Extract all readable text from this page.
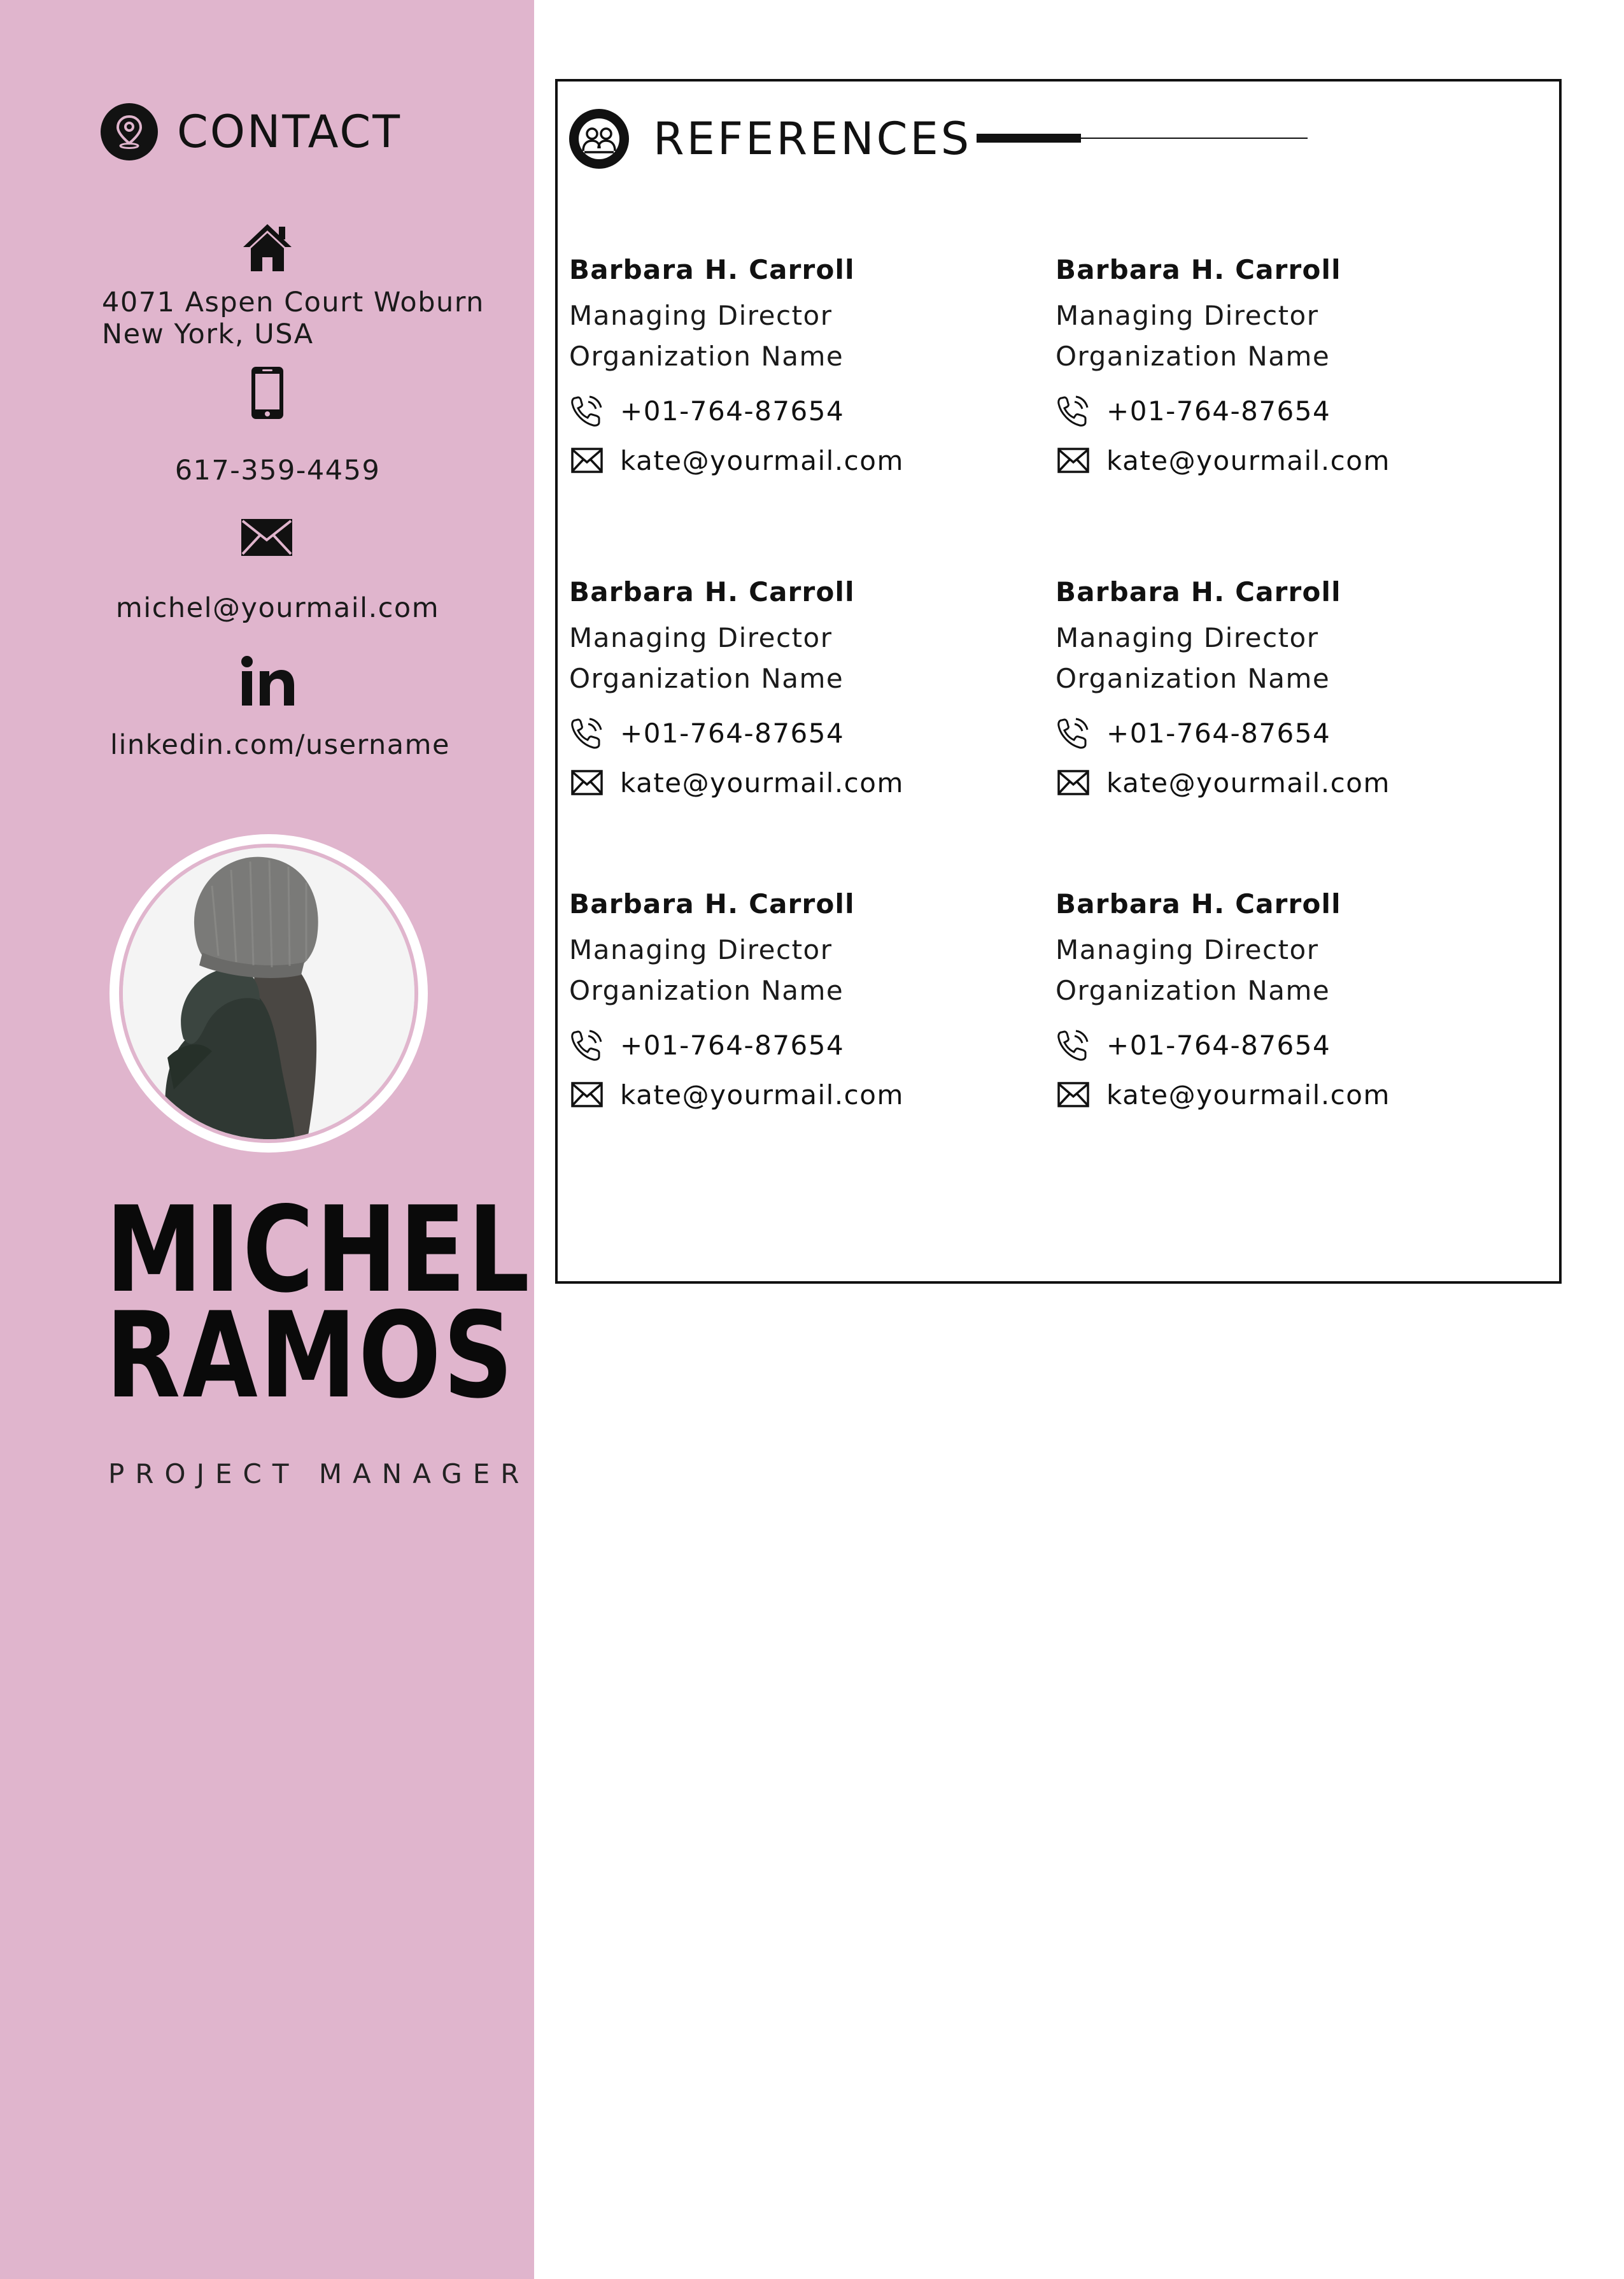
CONTACT
4071 Aspen Court Woburn
New York, USA
617-359-4459
michel@yourmail.com
linkedin.com/username
MICHEL
RAMOS
PROJECT MANAGER
REFERENCES
Barbara H. Carroll
Managing Director
Organization Name
+01-764-87654
kate@yourmail.com
Barbara H. Carroll
Managing Director
Organization Name
+01-764-87654
kate@yourmail.com
Barbara H. Carroll
Managing Director
Organization Name
+01-764-87654
kate@yourmail.com
Barbara H. Carroll
Managing Director
Organization Name
+01-764-87654
kate@yourmail.com
Barbara H. Carroll
Managing Director
Organization Name
+01-764-87654
kate@yourmail.com
Barbara H. Carroll
Managing Director
Organization Name
+01-764-87654
kate@yourmail.com
